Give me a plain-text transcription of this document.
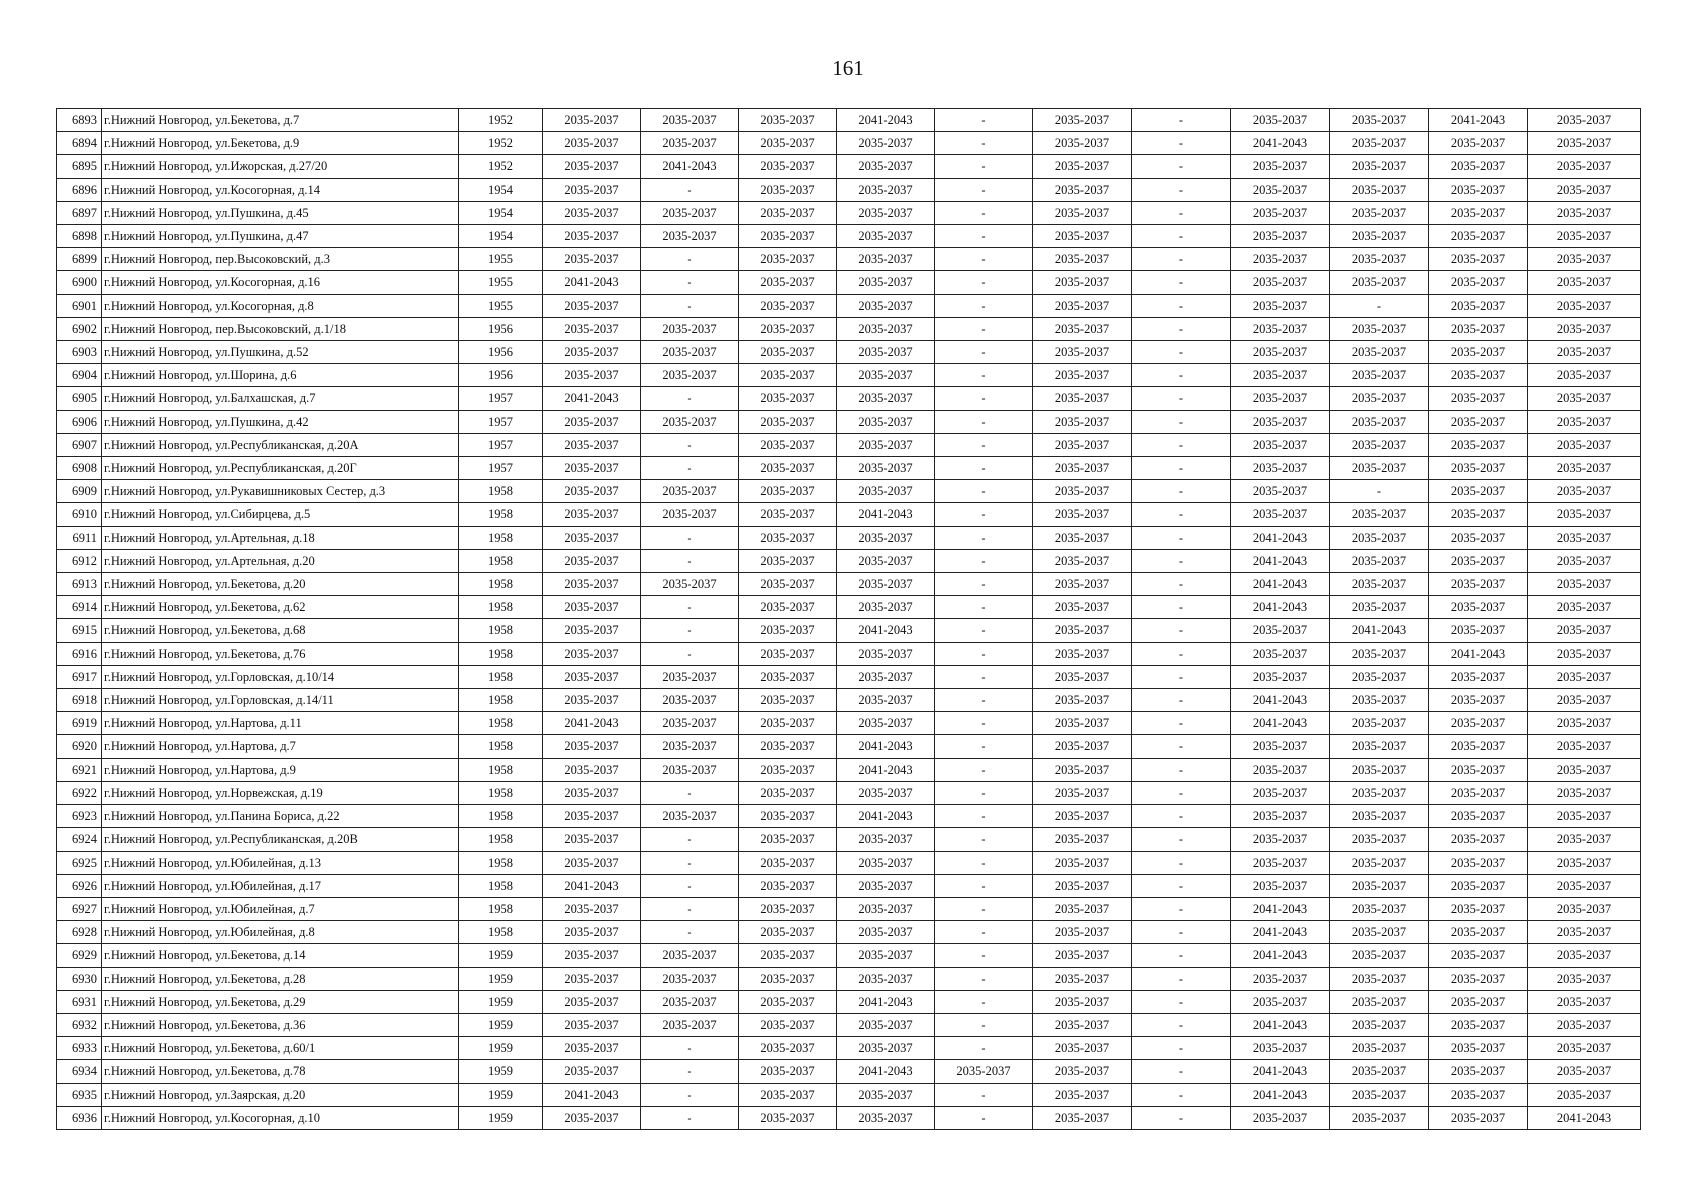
161
6893	г.Нижний Новгород, ул.Бекетова, д.7	1952	2035-2037	2035-2037	2035-2037	2041-2043	-	2035-2037	-	2035-2037	2035-2037	2041-2043	2035-2037
6894	г.Нижний Новгород, ул.Бекетова, д.9	1952	2035-2037	2035-2037	2035-2037	2035-2037	-	2035-2037	-	2041-2043	2035-2037	2035-2037	2035-2037
6895	г.Нижний Новгород, ул.Ижорская, д.27/20	1952	2035-2037	2041-2043	2035-2037	2035-2037	-	2035-2037	-	2035-2037	2035-2037	2035-2037	2035-2037
6896	г.Нижний Новгород, ул.Косогорная, д.14	1954	2035-2037	-	2035-2037	2035-2037	-	2035-2037	-	2035-2037	2035-2037	2035-2037	2035-2037
6897	г.Нижний Новгород, ул.Пушкина, д.45	1954	2035-2037	2035-2037	2035-2037	2035-2037	-	2035-2037	-	2035-2037	2035-2037	2035-2037	2035-2037
6898	г.Нижний Новгород, ул.Пушкина, д.47	1954	2035-2037	2035-2037	2035-2037	2035-2037	-	2035-2037	-	2035-2037	2035-2037	2035-2037	2035-2037
6899	г.Нижний Новгород, пер.Высоковский, д.3	1955	2035-2037	-	2035-2037	2035-2037	-	2035-2037	-	2035-2037	2035-2037	2035-2037	2035-2037
6900	г.Нижний Новгород, ул.Косогорная, д.16	1955	2041-2043	-	2035-2037	2035-2037	-	2035-2037	-	2035-2037	2035-2037	2035-2037	2035-2037
6901	г.Нижний Новгород, ул.Косогорная, д.8	1955	2035-2037	-	2035-2037	2035-2037	-	2035-2037	-	2035-2037	-	2035-2037	2035-2037
6902	г.Нижний Новгород, пер.Высоковский, д.1/18	1956	2035-2037	2035-2037	2035-2037	2035-2037	-	2035-2037	-	2035-2037	2035-2037	2035-2037	2035-2037
6903	г.Нижний Новгород, ул.Пушкина, д.52	1956	2035-2037	2035-2037	2035-2037	2035-2037	-	2035-2037	-	2035-2037	2035-2037	2035-2037	2035-2037
6904	г.Нижний Новгород, ул.Шорина, д.6	1956	2035-2037	2035-2037	2035-2037	2035-2037	-	2035-2037	-	2035-2037	2035-2037	2035-2037	2035-2037
6905	г.Нижний Новгород, ул.Балхашская, д.7	1957	2041-2043	-	2035-2037	2035-2037	-	2035-2037	-	2035-2037	2035-2037	2035-2037	2035-2037
6906	г.Нижний Новгород, ул.Пушкина, д.42	1957	2035-2037	2035-2037	2035-2037	2035-2037	-	2035-2037	-	2035-2037	2035-2037	2035-2037	2035-2037
6907	г.Нижний Новгород, ул.Республиканская, д.20А	1957	2035-2037	-	2035-2037	2035-2037	-	2035-2037	-	2035-2037	2035-2037	2035-2037	2035-2037
6908	г.Нижний Новгород, ул.Республиканская, д.20Г	1957	2035-2037	-	2035-2037	2035-2037	-	2035-2037	-	2035-2037	2035-2037	2035-2037	2035-2037
6909	г.Нижний Новгород, ул.Рукавишниковых Сестер, д.3	1958	2035-2037	2035-2037	2035-2037	2035-2037	-	2035-2037	-	2035-2037	-	2035-2037	2035-2037
6910	г.Нижний Новгород, ул.Сибирцева, д.5	1958	2035-2037	2035-2037	2035-2037	2041-2043	-	2035-2037	-	2035-2037	2035-2037	2035-2037	2035-2037
6911	г.Нижний Новгород, ул.Артельная, д.18	1958	2035-2037	-	2035-2037	2035-2037	-	2035-2037	-	2041-2043	2035-2037	2035-2037	2035-2037
6912	г.Нижний Новгород, ул.Артельная, д.20	1958	2035-2037	-	2035-2037	2035-2037	-	2035-2037	-	2041-2043	2035-2037	2035-2037	2035-2037
6913	г.Нижний Новгород, ул.Бекетова, д.20	1958	2035-2037	2035-2037	2035-2037	2035-2037	-	2035-2037	-	2041-2043	2035-2037	2035-2037	2035-2037
6914	г.Нижний Новгород, ул.Бекетова, д.62	1958	2035-2037	-	2035-2037	2035-2037	-	2035-2037	-	2041-2043	2035-2037	2035-2037	2035-2037
6915	г.Нижний Новгород, ул.Бекетова, д.68	1958	2035-2037	-	2035-2037	2041-2043	-	2035-2037	-	2035-2037	2041-2043	2035-2037	2035-2037
6916	г.Нижний Новгород, ул.Бекетова, д.76	1958	2035-2037	-	2035-2037	2035-2037	-	2035-2037	-	2035-2037	2035-2037	2041-2043	2035-2037
6917	г.Нижний Новгород, ул.Горловская, д.10/14	1958	2035-2037	2035-2037	2035-2037	2035-2037	-	2035-2037	-	2035-2037	2035-2037	2035-2037	2035-2037
6918	г.Нижний Новгород, ул.Горловская, д.14/11	1958	2035-2037	2035-2037	2035-2037	2035-2037	-	2035-2037	-	2041-2043	2035-2037	2035-2037	2035-2037
6919	г.Нижний Новгород, ул.Нартова, д.11	1958	2041-2043	2035-2037	2035-2037	2035-2037	-	2035-2037	-	2041-2043	2035-2037	2035-2037	2035-2037
6920	г.Нижний Новгород, ул.Нартова, д.7	1958	2035-2037	2035-2037	2035-2037	2041-2043	-	2035-2037	-	2035-2037	2035-2037	2035-2037	2035-2037
6921	г.Нижний Новгород, ул.Нартова, д.9	1958	2035-2037	2035-2037	2035-2037	2041-2043	-	2035-2037	-	2035-2037	2035-2037	2035-2037	2035-2037
6922	г.Нижний Новгород, ул.Норвежская, д.19	1958	2035-2037	-	2035-2037	2035-2037	-	2035-2037	-	2035-2037	2035-2037	2035-2037	2035-2037
6923	г.Нижний Новгород, ул.Панина Бориса, д.22	1958	2035-2037	2035-2037	2035-2037	2041-2043	-	2035-2037	-	2035-2037	2035-2037	2035-2037	2035-2037
6924	г.Нижний Новгород, ул.Республиканская, д.20В	1958	2035-2037	-	2035-2037	2035-2037	-	2035-2037	-	2035-2037	2035-2037	2035-2037	2035-2037
6925	г.Нижний Новгород, ул.Юбилейная, д.13	1958	2035-2037	-	2035-2037	2035-2037	-	2035-2037	-	2035-2037	2035-2037	2035-2037	2035-2037
6926	г.Нижний Новгород, ул.Юбилейная, д.17	1958	2041-2043	-	2035-2037	2035-2037	-	2035-2037	-	2035-2037	2035-2037	2035-2037	2035-2037
6927	г.Нижний Новгород, ул.Юбилейная, д.7	1958	2035-2037	-	2035-2037	2035-2037	-	2035-2037	-	2041-2043	2035-2037	2035-2037	2035-2037
6928	г.Нижний Новгород, ул.Юбилейная, д.8	1958	2035-2037	-	2035-2037	2035-2037	-	2035-2037	-	2041-2043	2035-2037	2035-2037	2035-2037
6929	г.Нижний Новгород, ул.Бекетова, д.14	1959	2035-2037	2035-2037	2035-2037	2035-2037	-	2035-2037	-	2041-2043	2035-2037	2035-2037	2035-2037
6930	г.Нижний Новгород, ул.Бекетова, д.28	1959	2035-2037	2035-2037	2035-2037	2035-2037	-	2035-2037	-	2035-2037	2035-2037	2035-2037	2035-2037
6931	г.Нижний Новгород, ул.Бекетова, д.29	1959	2035-2037	2035-2037	2035-2037	2041-2043	-	2035-2037	-	2035-2037	2035-2037	2035-2037	2035-2037
6932	г.Нижний Новгород, ул.Бекетова, д.36	1959	2035-2037	2035-2037	2035-2037	2035-2037	-	2035-2037	-	2041-2043	2035-2037	2035-2037	2035-2037
6933	г.Нижний Новгород, ул.Бекетова, д.60/1	1959	2035-2037	-	2035-2037	2035-2037	-	2035-2037	-	2035-2037	2035-2037	2035-2037	2035-2037
6934	г.Нижний Новгород, ул.Бекетова, д.78	1959	2035-2037	-	2035-2037	2041-2043	2035-2037	2035-2037	-	2041-2043	2035-2037	2035-2037	2035-2037
6935	г.Нижний Новгород, ул.Заярская, д.20	1959	2041-2043	-	2035-2037	2035-2037	-	2035-2037	-	2041-2043	2035-2037	2035-2037	2035-2037
6936	г.Нижний Новгород, ул.Косогорная, д.10	1959	2035-2037	-	2035-2037	2035-2037	-	2035-2037	-	2035-2037	2035-2037	2035-2037	2041-2043
